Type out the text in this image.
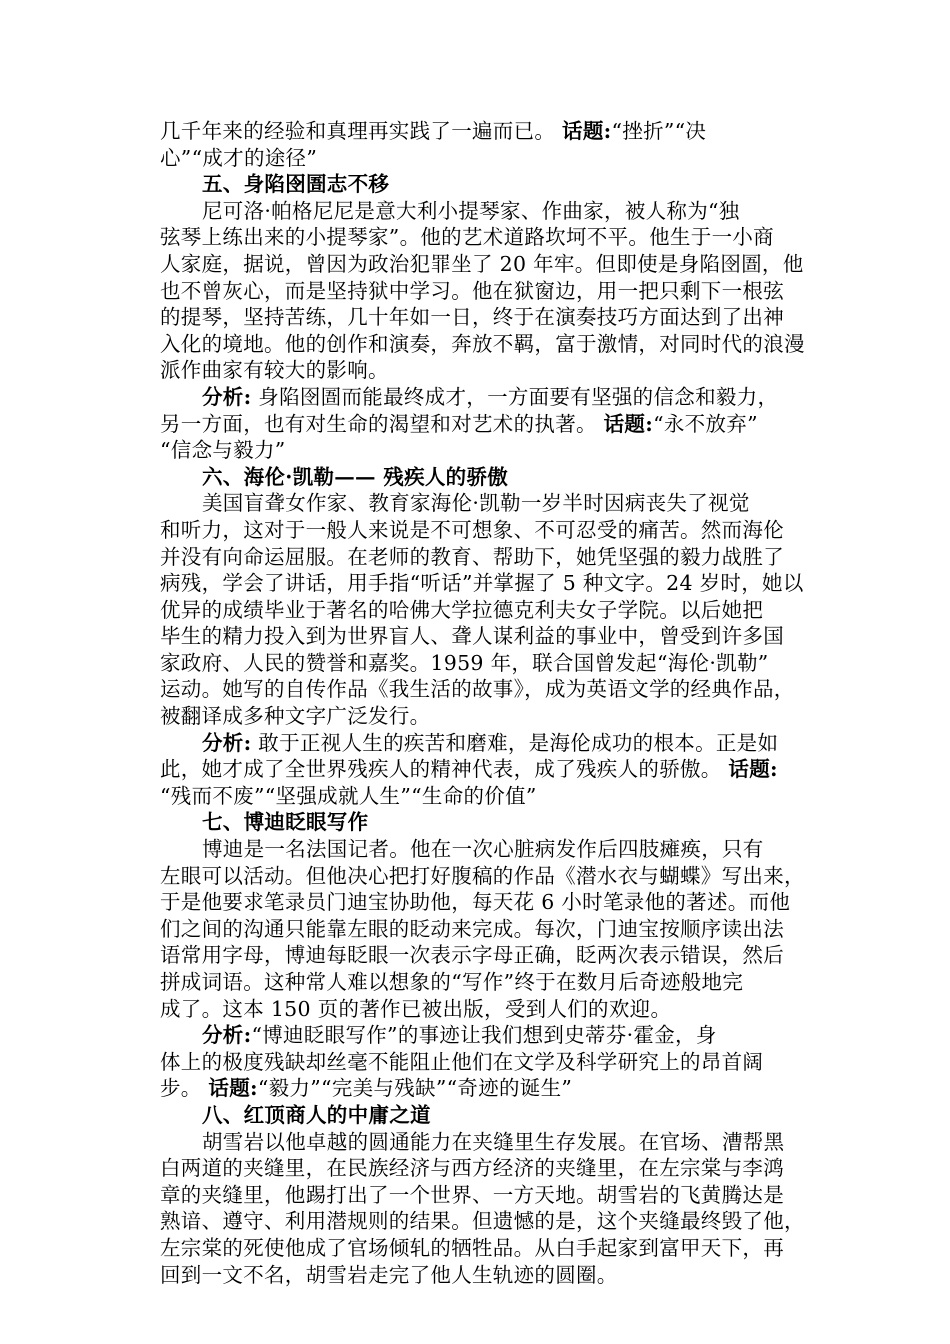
几千年来的经验和真理再实践了一遍而已。 话题:“挫折”“决
心”“成才的途径”
五、身陷囹圄志不移
尼可洛·帕格尼尼是意大利小提琴家、作曲家，被人称为“独
弦琴上练出来的小提琴家”。他的艺术道路坎坷不平。他生于一小商
人家庭，据说，曾因为政治犯罪坐了 20 年牢。但即使是身陷囹圄，他
也不曾灰心，而是坚持狱中学习。他在狱窗边，用一把只剩下一根弦
的提琴，坚持苦练，几十年如一日，终于在演奏技巧方面达到了出神
入化的境地。他的创作和演奏，奔放不羁，富于激情，对同时代的浪漫
派作曲家有较大的影响。
分析: 身陷囹圄而能最终成才，一方面要有坚强的信念和毅力，
另一方面，也有对生命的渴望和对艺术的执著。 话题:“永不放弃”
“信念与毅力”
六、海伦·凯勒—— 残疾人的骄傲
美国盲聋女作家、教育家海伦·凯勒一岁半时因病丧失了视觉
和听力，这对于一般人来说是不可想象、不可忍受的痛苦。然而海伦
并没有向命运屈服。在老师的教育、帮助下，她凭坚强的毅力战胜了
病残，学会了讲话，用手指“听话”并掌握了 5 种文字。24 岁时，她以
优异的成绩毕业于著名的哈佛大学拉德克利夫女子学院。以后她把
毕生的精力投入到为世界盲人、聋人谋利益的事业中，曾受到许多国
家政府、人民的赞誉和嘉奖。1959 年，联合国曾发起“海伦·凯勒”
运动。她写的自传作品《我生活的故事》，成为英语文学的经典作品，
被翻译成多种文字广泛发行。
分析: 敢于正视人生的疾苦和磨难，是海伦成功的根本。正是如
此，她才成了全世界残疾人的精神代表，成了残疾人的骄傲。 话题:
“残而不废”“坚强成就人生”“生命的价值”
七、博迪眨眼写作
博迪是一名法国记者。他在一次心脏病发作后四肢瘫痪，只有
左眼可以活动。但他决心把打好腹稿的作品《潜水衣与蝴蝶》写出来，
于是他要求笔录员门迪宝协助他，每天花 6 小时笔录他的著述。而他
们之间的沟通只能靠左眼的眨动来完成。每次，门迪宝按顺序读出法
语常用字母，博迪每眨眼一次表示字母正确，眨两次表示错误，然后
拼成词语。这种常人难以想象的“写作”终于在数月后奇迹般地完
成了。这本 150 页的著作已被出版，受到人们的欢迎。
分析:“博迪眨眼写作”的事迹让我们想到史蒂芬·霍金，身
体上的极度残缺却丝毫不能阻止他们在文学及科学研究上的昂首阔
步。 话题:“毅力”“完美与残缺”“奇迹的诞生”
八、红顶商人的中庸之道
胡雪岩以他卓越的圆通能力在夹缝里生存发展。在官场、漕帮黑
白两道的夹缝里，在民族经济与西方经济的夹缝里，在左宗棠与李鸿
章的夹缝里，他踢打出了一个世界、一方天地。胡雪岩的飞黄腾达是
熟谙、遵守、利用潜规则的结果。但遗憾的是，这个夹缝最终毁了他，
左宗棠的死使他成了官场倾轧的牺牲品。从白手起家到富甲天下，再
回到一文不名，胡雪岩走完了他人生轨迹的圆圈。
